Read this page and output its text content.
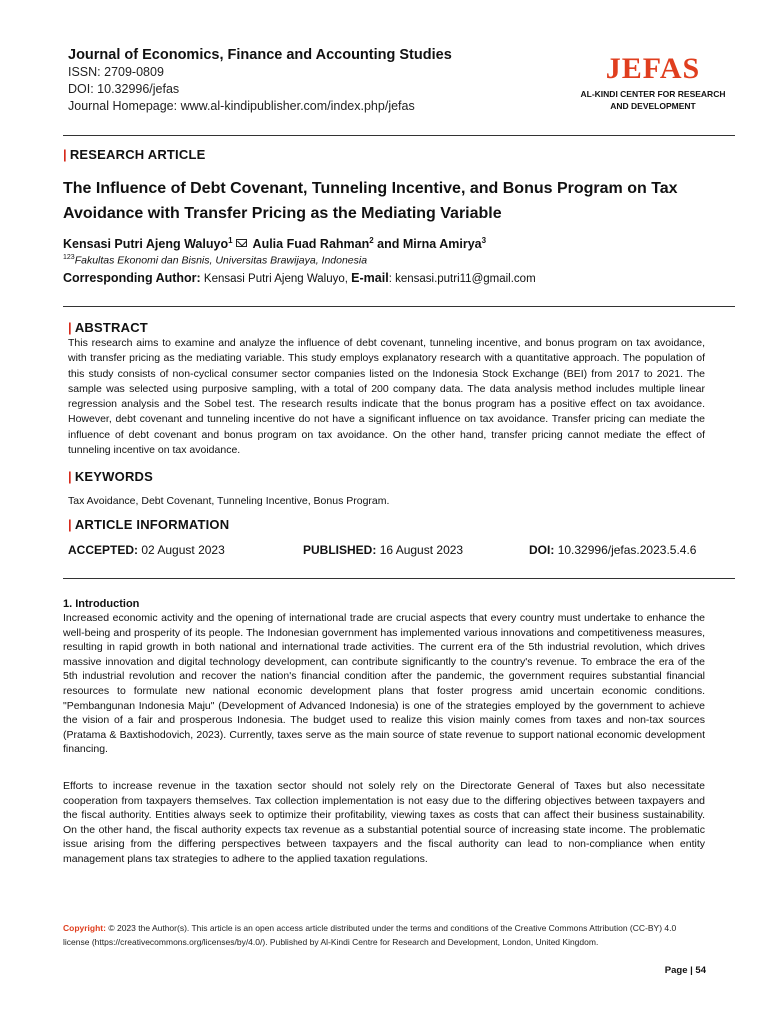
Journal of Economics, Finance and Accounting Studies
ISSN: 2709-0809
DOI: 10.32996/jefas
Journal Homepage: www.al-kindipublisher.com/index.php/jefas
JEFAS
AL-KINDI CENTER FOR RESEARCH
AND DEVELOPMENT
| RESEARCH ARTICLE
The Influence of Debt Covenant, Tunneling Incentive, and Bonus Program on Tax Avoidance with Transfer Pricing as the Mediating Variable
Kensasi Putri Ajeng Waluyo$^1$ Aulia Fuad Rahman$^2$ and Mirna Amirya$^3$
$^{123}$Fakultas Ekonomi dan Bisnis, Universitas Brawijaya, Indonesia
Corresponding Author: Kensasi Putri Ajeng Waluyo, E-mail: kensasi.putri11@gmail.com
| ABSTRACT
This research aims to examine and analyze the influence of debt covenant, tunneling incentive, and bonus program on tax avoidance, with transfer pricing as the mediating variable. This study employs explanatory research with a quantitative approach. The population of this study consists of non-cyclical consumer sector companies listed on the Indonesia Stock Exchange (BEI) from 2017 to 2021. The sample was selected using purposive sampling, with a total of 200 company data. The data analysis method includes multiple linear regression analysis and the Sobel test. The research results indicate that the bonus program has a positive effect on tax avoidance. However, debt covenant and tunneling incentive do not have a significant influence on tax avoidance. Transfer pricing can mediate the influence of debt covenant and bonus program on tax avoidance. On the other hand, transfer pricing cannot mediate the effect of tunneling incentive on tax avoidance.
| KEYWORDS
Tax Avoidance, Debt Covenant, Tunneling Incentive, Bonus Program.
| ARTICLE INFORMATION
ACCEPTED: 02 August 2023	PUBLISHED: 16 August 2023	DOI: 10.32996/jefas.2023.5.4.6
1. Introduction
Increased economic activity and the opening of international trade are crucial aspects that every country must undertake to enhance the well-being and prosperity of its people. The Indonesian government has implemented various innovations and competitiveness measures, resulting in rapid growth in both national and international trade activities. The current era of the 5th industrial revolution, which drives massive innovation and digital technology development, can contribute significantly to the country's revenue. To embrace the era of the 5th industrial revolution and recover the nation's financial condition after the pandemic, the government requires substantial financial resources to formulate new national economic development plans that foster progress amid uncertain economic conditions. "Pembangunan Indonesia Maju" (Development of Advanced Indonesia) is one of the strategies employed by the government to achieve the vision of a fair and prosperous Indonesia. The budget used to realize this vision mainly comes from taxes and non-tax sources (Pratama & Baxtishodovich, 2023). Currently, taxes serve as the main source of state revenue to support national economic development financing.
Efforts to increase revenue in the taxation sector should not solely rely on the Directorate General of Taxes but also necessitate cooperation from taxpayers themselves. Tax collection implementation is not easy due to the differing objectives between taxpayers and the fiscal authority. Entities always seek to optimize their profitability, viewing taxes as costs that can affect their business sustainability. On the other hand, the fiscal authority expects tax revenue as a substantial potential source of increasing state income. The problematic issue arising from the differing perspectives between taxpayers and the fiscal authority can lead to non-compliance when entity management plans tax strategies to adhere to the applied taxation regulations.
Copyright: © 2023 the Author(s). This article is an open access article distributed under the terms and conditions of the Creative Commons Attribution (CC-BY) 4.0 license (https://creativecommons.org/licenses/by/4.0/). Published by Al-Kindi Centre for Research and Development, London, United Kingdom.
Page | 54
